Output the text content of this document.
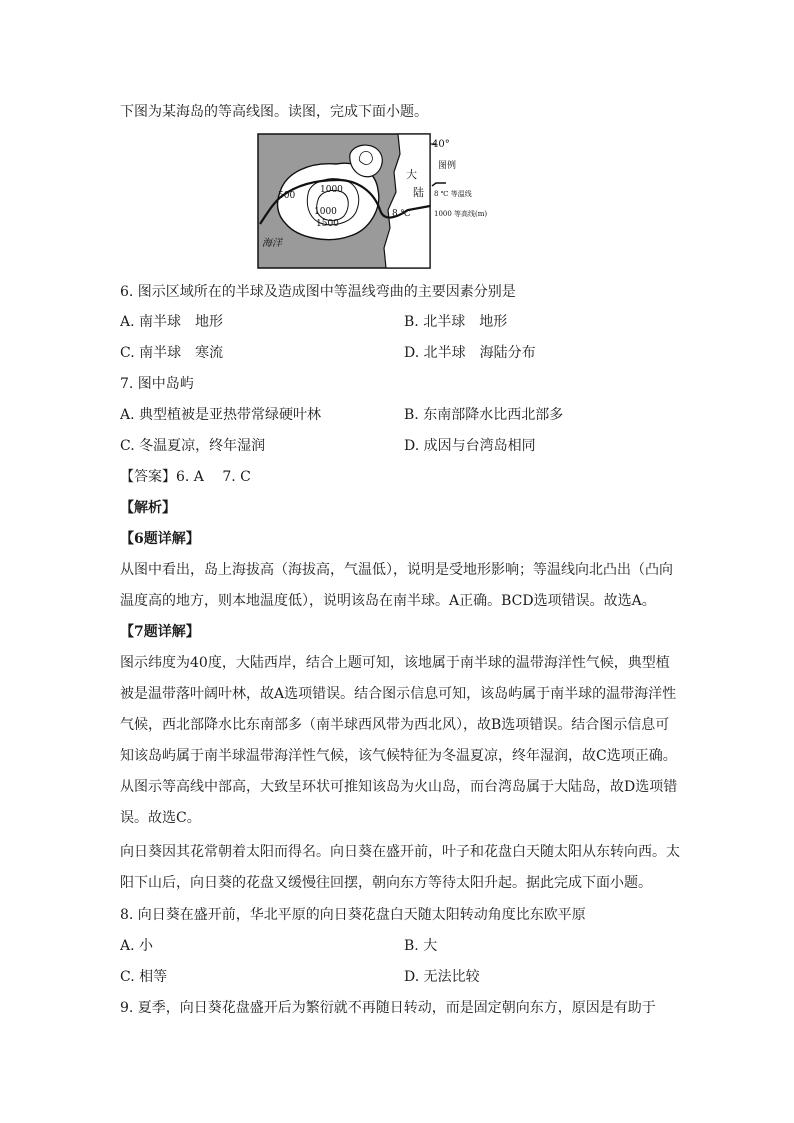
下图为某海岛的等高线图。读图，完成下面小题。
40°
大
陆
8 ℃
500
1000
1000
1500
海洋
图例
8 ℃ 等温线
1000 等高线(m)
6. 图示区域所在的半球及造成图中等温线弯曲的主要因素分别是
A. 南半球　地形	B. 北半球　地形
C. 南半球　寒流	D. 北半球　海陆分布
7. 图中岛屿
A. 典型植被是亚热带常绿硬叶林	B. 东南部降水比西北部多
C. 冬温夏凉，终年湿润	D. 成因与台湾岛相同
【答案】6. A　 7. C
【解析】
【6题详解】
从图中看出，岛上海拔高（海拔高，气温低），说明是受地形影响；等温线向北凸出（凸向
温度高的地方，则本地温度低），说明该岛在南半球。A正确。BCD选项错误。故选A。
【7题详解】
图示纬度为40度，大陆西岸，结合上题可知，该地属于南半球的温带海洋性气候，典型植
被是温带落叶阔叶林，故A选项错误。结合图示信息可知，该岛屿属于南半球的温带海洋性
气候，西北部降水比东南部多（南半球西风带为西北风），故B选项错误。结合图示信息可
知该岛屿属于南半球温带海洋性气候，该气候特征为冬温夏凉，终年湿润，故C选项正确。
从图示等高线中部高，大致呈环状可推知该岛为火山岛，而台湾岛属于大陆岛，故D选项错
误。故选C。
向日葵因其花常朝着太阳而得名。向日葵在盛开前，叶子和花盘白天随太阳从东转向西。太
阳下山后，向日葵的花盘又缓慢往回摆，朝向东方等待太阳升起。据此完成下面小题。
8. 向日葵在盛开前，华北平原的向日葵花盘白天随太阳转动角度比东欧平原
A. 小	B. 大
C. 相等	D. 无法比较
9. 夏季，向日葵花盘盛开后为繁衍就不再随日转动，而是固定朝向东方，原因是有助于
